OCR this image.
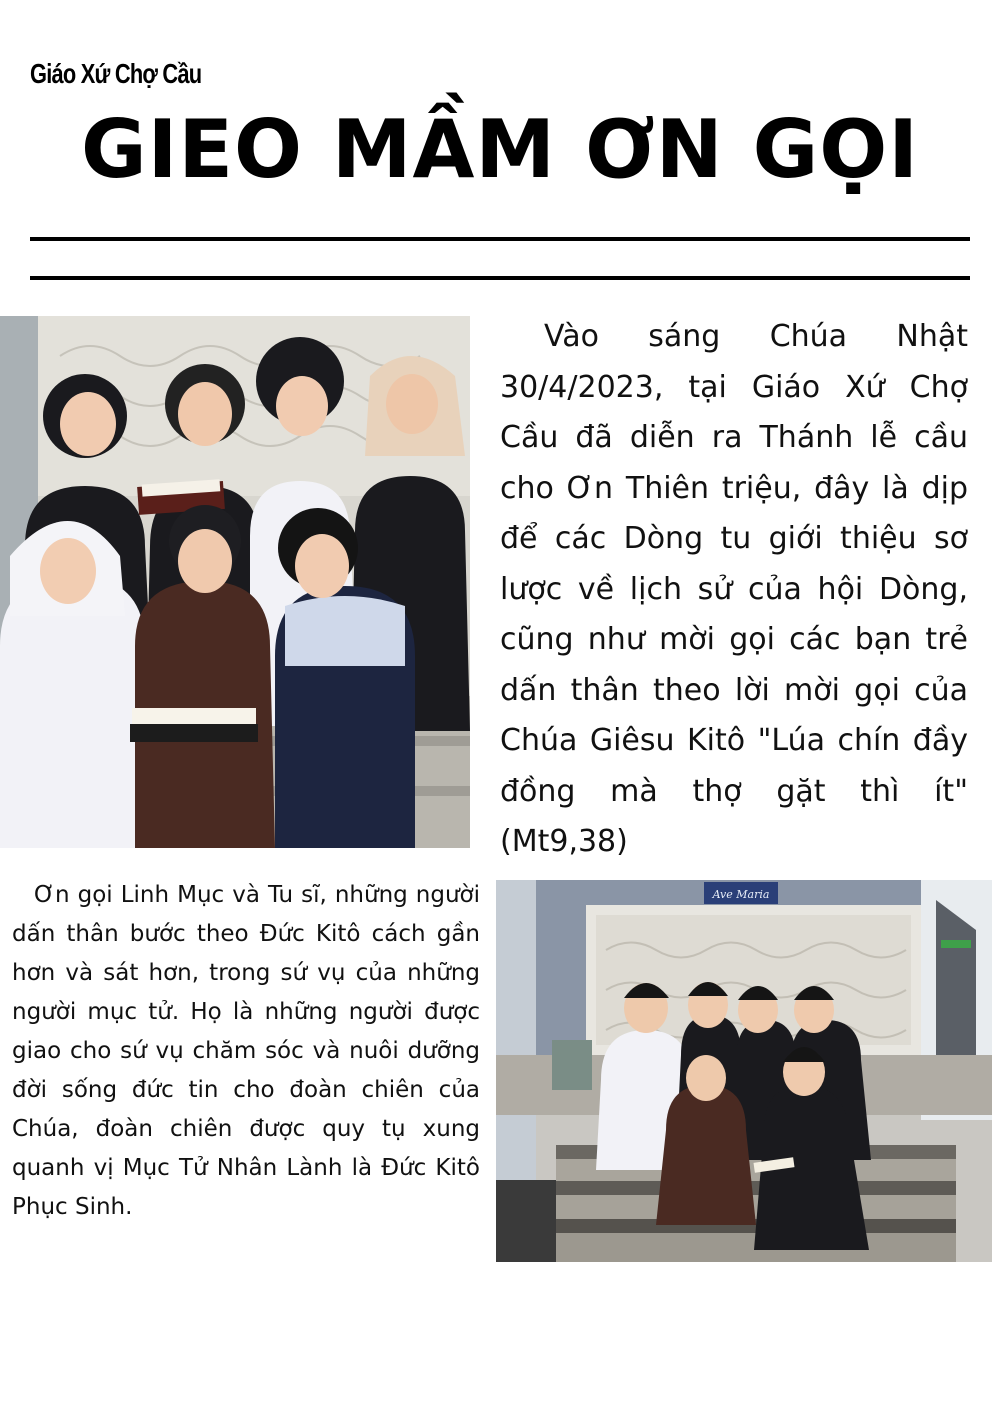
Giáo Xứ Chợ Cầu
GIEO MẦM ƠN GỌI

Vào sáng Chúa Nhật 30/4/2023, tại Giáo Xứ Chợ Cầu đã diễn ra Thánh lễ cầu cho Ơn Thiên triệu, đây là dịp để các Dòng tu giới thiệu sơ lược về lịch sử của hội Dòng, cũng như mời gọi các bạn trẻ dấn thân theo lời mời gọi của Chúa Giêsu Kitô "Lúa chín đầy đồng mà thợ gặt thì ít" (Mt9,38)

Ơn gọi Linh Mục và Tu sĩ, những người dấn thân bước theo Đức Kitô cách gần hơn và sát hơn, trong sứ vụ của những người mục tử. Họ là những người được giao cho sứ vụ chăm sóc và nuôi dưỡng đời sống đức tin cho đoàn chiên của Chúa, đoàn chiên được quy tụ xung quanh vị Mục Tử Nhân Lành là Đức Kitô Phục Sinh.

Ave Maria
